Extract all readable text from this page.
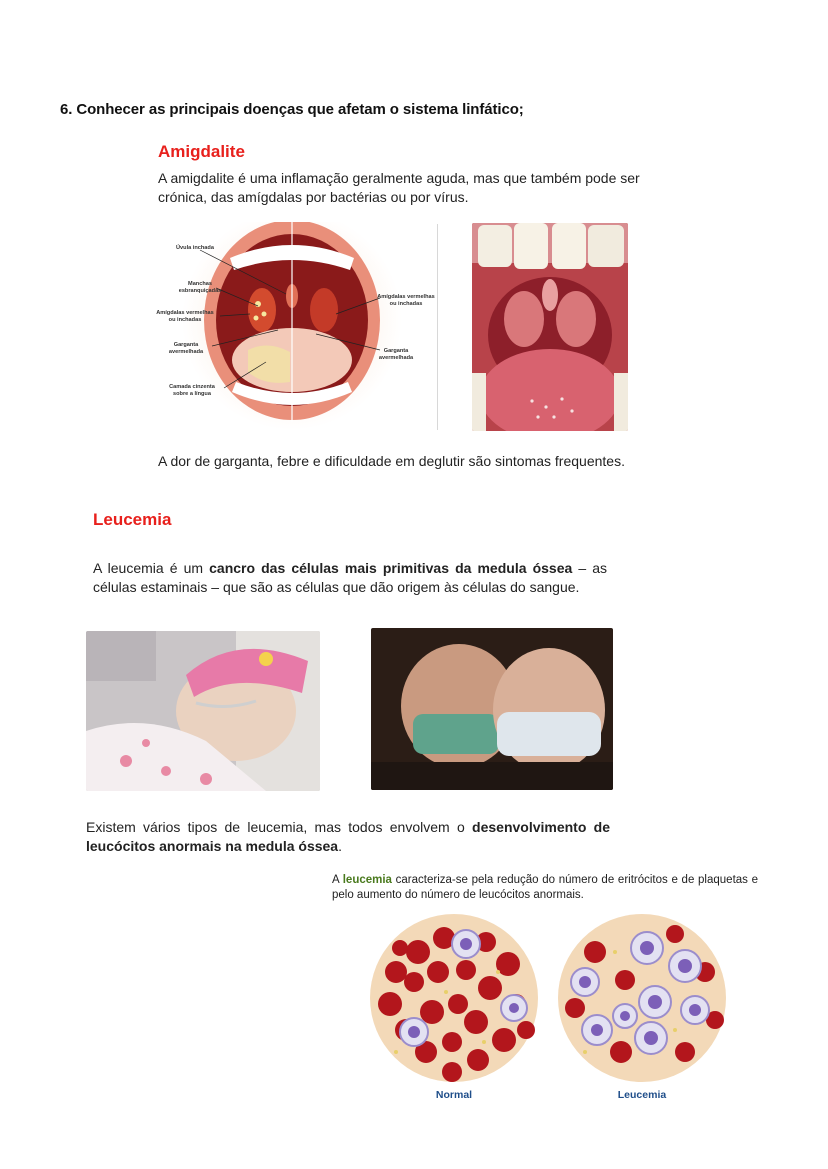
6. Conhecer as principais doenças que afetam o sistema linfático;
Amigdalite
A amigdalite é uma inflamação geralmente aguda, mas que também pode ser crónica, das amígdalas por bactérias ou por vírus.
Úvula inchada
Manchas
esbranquiçadas
Amígdalas vermelhas
ou inchadas
Garganta
avermelhada
Camada cinzenta
sobre a língua
Amígdalas vermelhas
ou inchadas
Garganta
avermelhada
A dor de garganta, febre e dificuldade em deglutir são sintomas frequentes.
Leucemia
A leucemia é um cancro das células mais primitivas da medula óssea – as células estaminais – que são as células que dão origem às células do sangue.
Existem vários tipos de leucemia, mas todos envolvem o desenvolvimento de leucócitos anormais na medula óssea.
A leucemia caracteriza-se pela redução do número de eritrócitos e de plaquetas e pelo aumento do número de leucócitos anormais.
Normal	Leucemia
